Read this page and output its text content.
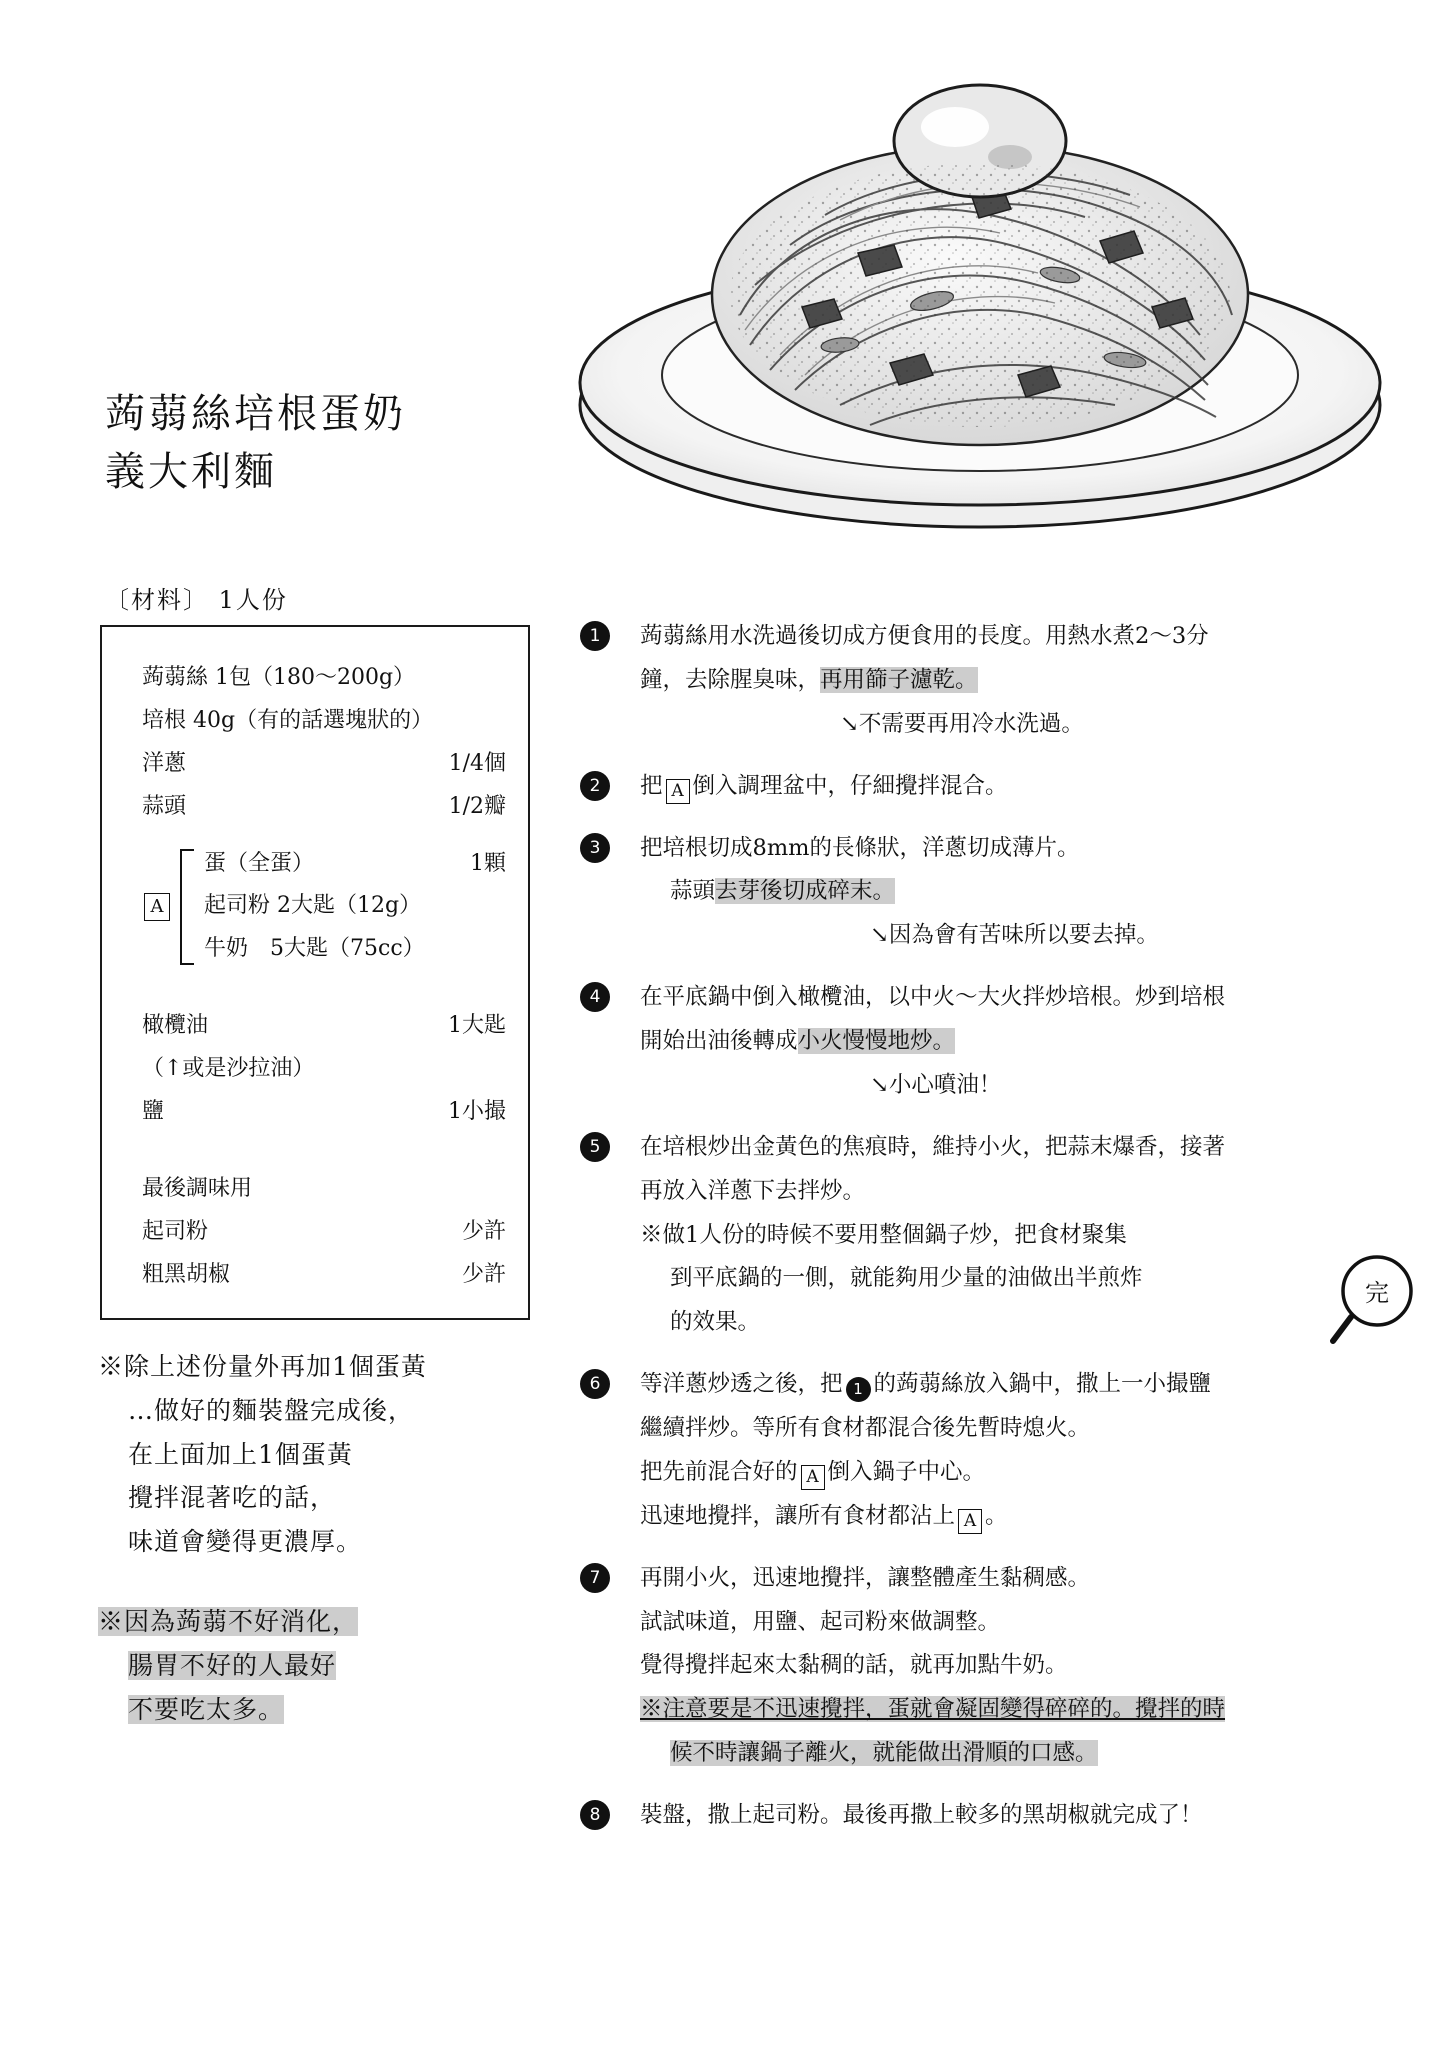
蒟蒻絲培根蛋奶
義大利麵
〔材料〕 1人份
蒟蒻絲 1包（180～200g）
培根 40g（有的話選塊狀的）
洋蔥	1/4個
蒜頭	1/2瓣
A
蛋（全蛋）	1顆
起司粉 2大匙（12g）
牛奶　5大匙（75cc）
橄欖油	1大匙
（↑或是沙拉油）
鹽	1小撮
最後調味用
起司粉	少許
粗黑胡椒	少許
※除上述份量外再加1個蛋黃
…做好的麵裝盤完成後，
在上面加上1個蛋黃
攪拌混著吃的話，
味道會變得更濃厚。
※因為蒟蒻不好消化，
腸胃不好的人最好
不要吃太多。
1	蒟蒻絲用水洗過後切成方便食用的長度。用熱水煮2～3分
鐘，去除腥臭味，再用篩子濾乾。
↘不需要再用冷水洗過。
2	把 A 倒入調理盆中，仔細攪拌混合。
3	把培根切成8mm的長條狀，洋蔥切成薄片。
蒜頭去芽後切成碎末。
↘因為會有苦味所以要去掉。
4	在平底鍋中倒入橄欖油，以中火～大火拌炒培根。炒到培根
開始出油後轉成小火慢慢地炒。
↘小心噴油！
5	在培根炒出金黃色的焦痕時，維持小火，把蒜末爆香，接著
再放入洋蔥下去拌炒。
※做1人份的時候不要用整個鍋子炒，把食材聚集
到平底鍋的一側，就能夠用少量的油做出半煎炸
的效果。
6	等洋蔥炒透之後，把 1 的蒟蒻絲放入鍋中，撒上一小撮鹽
繼續拌炒。等所有食材都混合後先暫時熄火。
把先前混合好的 A 倒入鍋子中心。
迅速地攪拌，讓所有食材都沾上 A 。
7	再開小火，迅速地攪拌，讓整體產生黏稠感。
試試味道，用鹽、起司粉來做調整。
覺得攪拌起來太黏稠的話，就再加點牛奶。
※注意要是不迅速攪拌，蛋就會凝固變得碎碎的。攪拌的時
候不時讓鍋子離火，就能做出滑順的口感。
8	裝盤，撒上起司粉。最後再撒上較多的黑胡椒就完成了！
完
